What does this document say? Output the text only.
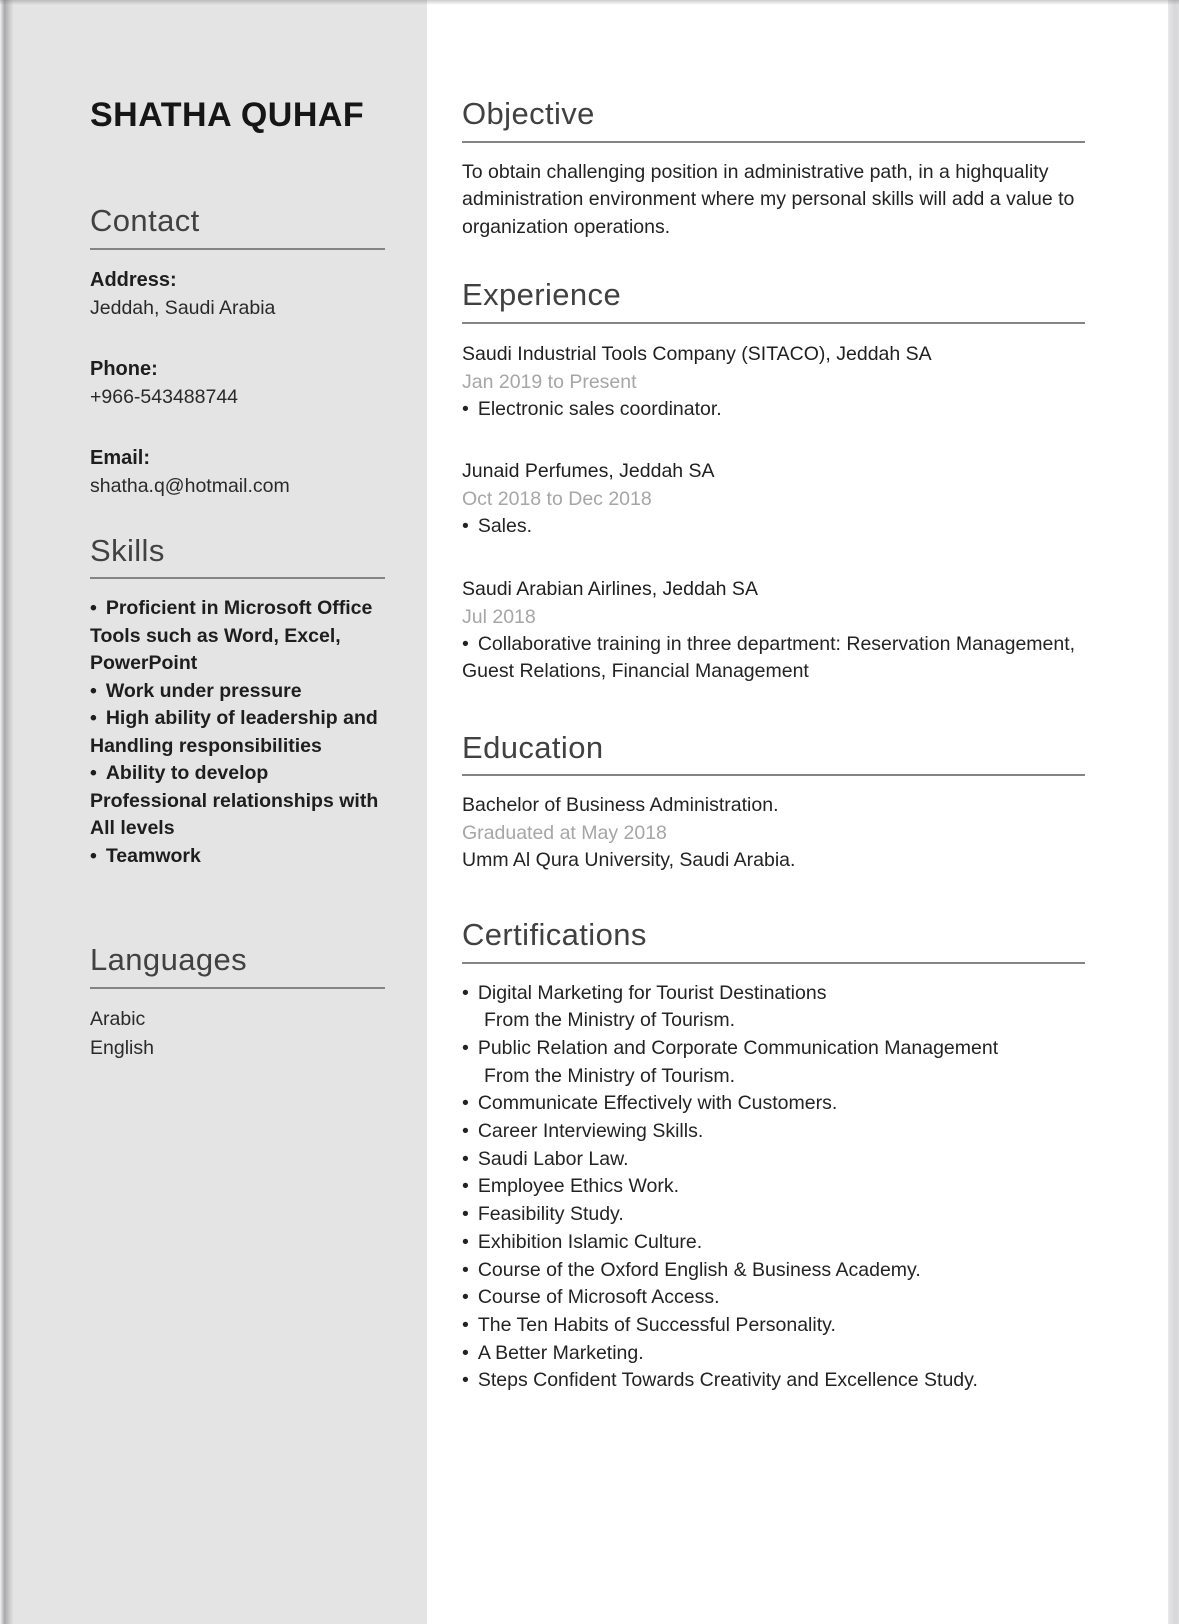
SHATHA QUHAF
Contact
Address:
Jeddah, Saudi Arabia
Phone:
+966-543488744
Email:
shatha.q@hotmail.com
Skills
• Proficient in Microsoft Office Tools such as Word, Excel, PowerPoint
• Work under pressure
• High ability of leadership and Handling responsibilities
• Ability to develop Professional relationships with All levels
• Teamwork
Languages
Arabic
English
Objective

To obtain challenging position in administrative path, in a highquality administration environment where my personal skills will add a value to organization operations.

Experience
Saudi Industrial Tools Company (SITACO), Jeddah SA
Jan 2019 to Present
• Electronic sales coordinator.
Junaid Perfumes, Jeddah SA
Oct 2018 to Dec 2018
• Sales.
Saudi Arabian Airlines, Jeddah SA
Jul 2018
• Collaborative training in three department: Reservation Management, Guest Relations, Financial Management
Education
Bachelor of Business Administration.
Graduated at May 2018
Umm Al Qura University, Saudi Arabia.
Certifications
• Digital Marketing for Tourist Destinations
From the Ministry of Tourism.
• Public Relation and Corporate Communication Management
From the Ministry of Tourism.
• Communicate Effectively with Customers.
• Career Interviewing Skills.
• Saudi Labor Law.
• Employee Ethics Work.
• Feasibility Study.
• Exhibition Islamic Culture.
• Course of the Oxford English & Business Academy.
• Course of Microsoft Access.
• The Ten Habits of Successful Personality.
• A Better Marketing.
• Steps Confident Towards Creativity and Excellence Study.
